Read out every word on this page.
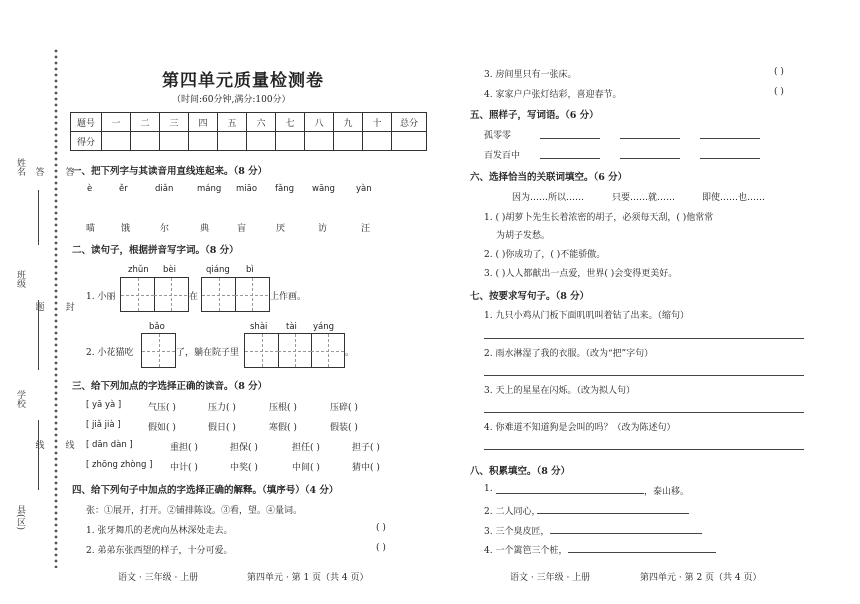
姓名
班级
学校
县(区)
答
答
封
题
线
线
第四单元质量检测卷
（时间:60分钟,满分:100分）
题号	一	二	三	四	五	六	七	八	九	十	总分
得分											
一、把下列字与其读音用直线连起来。（8 分）
è	ěr	diǎn	máng miāo fǎng wāng yàn
喵	饿	尔	典	盲	厌	访	汪
二、读句子，根据拼音写字词。（8 分）
zhǔn bèi	qiáng bì
1. 小丽	在	上作画。
bǎo	shài tài yáng
2. 小花猫吃	了，躺在院子里	。
三、给下列加点的字选择正确的读音。（8 分）
[ yā yà ]	气压( )	压力( )	压根( )	压碎( )
[ jiǎ jià ]	假如( )	假日( )	寒假( )	假装( )
[ dān dàn ]	重担( )	担保( )	担任( )	担子( )
[ zhōng zhòng ] 中计( )	中奖( )	中间( )	猜中( )
四、给下列句子中加点的字选择正确的解释。（填序号）（4 分）
张：①展开，打开。②铺排陈设。③看，望。④量词。
1. 张牙舞爪的老虎向丛林深处走去。	( )
2. 弟弟东张西望的样子，十分可爱。	( )
语文 · 三年级 · 上册	第四单元 · 第 1 页（共 4 页）
3. 房间里只有一张床。	( )
4. 家家户户张灯结彩，喜迎春节。	( )
五、照样子，写词语。（6 分）
孤零零
百发百中
六、选择恰当的关联词填空。（6 分）
因为……所以……	只要……就……	即使……也……
1. ( )胡萝卜先生长着浓密的胡子，必须每天刮，( )他常常
为胡子发愁。
2. ( )你成功了，( )不能骄傲。
3. ( )人人都献出一点爱，世界( )会变得更美好。
七、按要求写句子。（8 分）
1. 九只小鸡从门板下面叽叽叫着钻了出来。（缩句）
2. 雨水淋湿了我的衣服。（改为“把”字句）
3. 天上的星星在闪烁。（改为拟人句）
4. 你难道不知道狗是会叫的吗？（改为陈述句）
八、积累填空。（8 分）
1.	，泰山移。
2. 二人同心，
3. 三个臭皮匠，
4. 一个篱笆三个桩，
语文 · 三年级 · 上册	第四单元 · 第 2 页（共 4 页）
